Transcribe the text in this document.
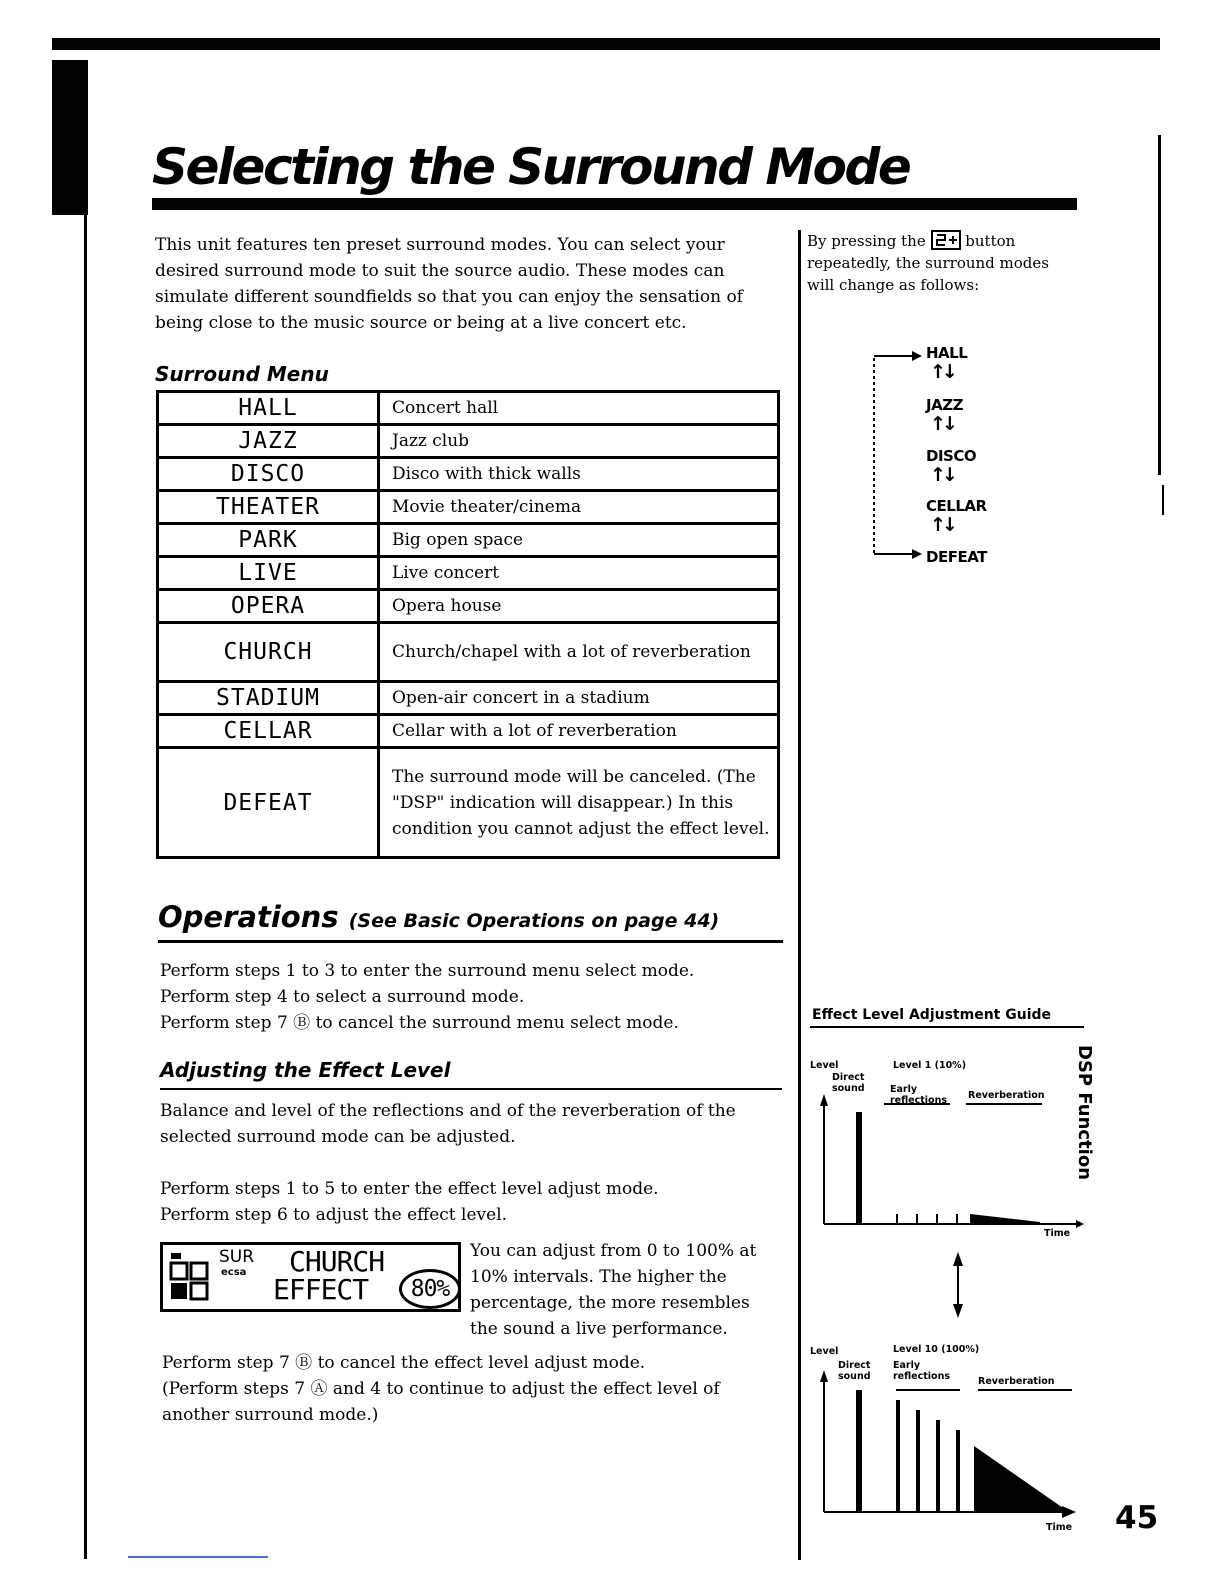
Selecting the Surround Mode
This unit features ten preset surround modes. You can select your desired surround mode to suit the source audio. These modes can simulate different soundfields so that you can enjoy the sensation of being close to the music source or being at a live concert etc.
Surround Menu
HALL	Concert hall
JAZZ	Jazz club
DISCO	Disco with thick walls
THEATER	Movie theater/cinema
PARK	Big open space
LIVE	Live concert
OPERA	Opera house
CHURCH	Church/chapel with a lot of reverberation
STADIUM	Open-air concert in a stadium
CELLAR	Cellar with a lot of reverberation
DEFEAT	The surround mode will be canceled. (The "DSP" indication will disappear.) In this condition you cannot adjust the effect level.
Operations (See Basic Operations on page 44)
Perform steps 1 to 3 to enter the surround menu select mode.
Perform step 4 to select a surround mode.
Perform step 7 Ⓑ to cancel the surround menu select mode.
Adjusting the Effect Level
Balance and level of the reflections and of the reverberation of the selected surround mode can be adjusted.
Perform steps 1 to 5 to enter the effect level adjust mode.
Perform step 6 to adjust the effect level.
SUR
ecsa CHURCH
EFFECT	80%
You can adjust from 0 to 100% at 10% intervals. The higher the percentage, the more resembles the sound a live performance.
Perform step 7 Ⓑ to cancel the effect level adjust mode.
(Perform steps 7 Ⓐ and 4 to continue to adjust the effect level of another surround mode.)
By pressing the	button repeatedly, the surround modes will change as follows:
HALL
↑↓
JAZZ
↑↓
DISCO
↑↓
CELLAR
↑↓
DEFEAT
DSP Function
Effect Level Adjustment Guide
Level	Level 1 (10%)
Direct sound	Early reflections	Reverberation
Time
Level	Level 10 (100%)
Direct sound
Early reflections	Reverberation
Time 45
